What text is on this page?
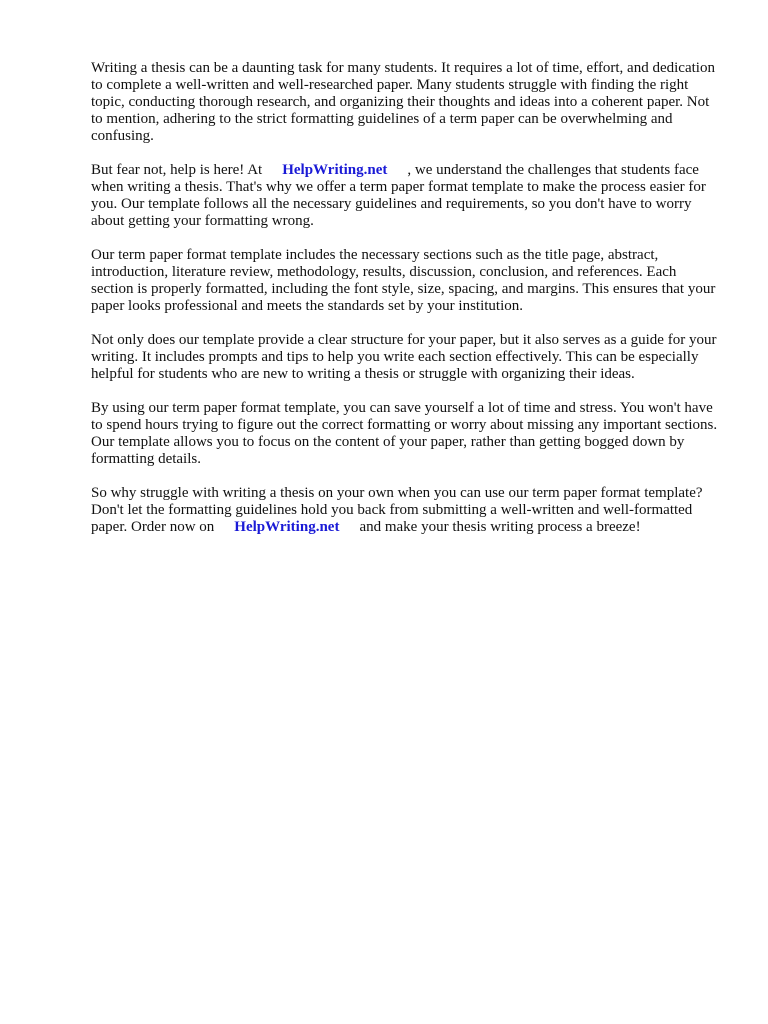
Writing a thesis can be a daunting task for many students. It requires a lot of time, effort, and dedication to complete a well-written and well-researched paper. Many students struggle with finding the right topic, conducting thorough research, and organizing their thoughts and ideas into a coherent paper. Not to mention, adhering to the strict formatting guidelines of a term paper can be overwhelming and confusing.

But fear not, help is here! At HelpWriting.net , we understand the challenges that students face when writing a thesis. That's why we offer a term paper format template to make the process easier for you. Our template follows all the necessary guidelines and requirements, so you don't have to worry about getting your formatting wrong.

Our term paper format template includes the necessary sections such as the title page, abstract, introduction, literature review, methodology, results, discussion, conclusion, and references. Each section is properly formatted, including the font style, size, spacing, and margins. This ensures that your paper looks professional and meets the standards set by your institution.

Not only does our template provide a clear structure for your paper, but it also serves as a guide for your writing. It includes prompts and tips to help you write each section effectively. This can be especially helpful for students who are new to writing a thesis or struggle with organizing their ideas.

By using our term paper format template, you can save yourself a lot of time and stress. You won't have to spend hours trying to figure out the correct formatting or worry about missing any important sections. Our template allows you to focus on the content of your paper, rather than getting bogged down by formatting details.

So why struggle with writing a thesis on your own when you can use our term paper format template? Don't let the formatting guidelines hold you back from submitting a well-written and well-formatted paper. Order now on HelpWriting.net and make your thesis writing process a breeze!
